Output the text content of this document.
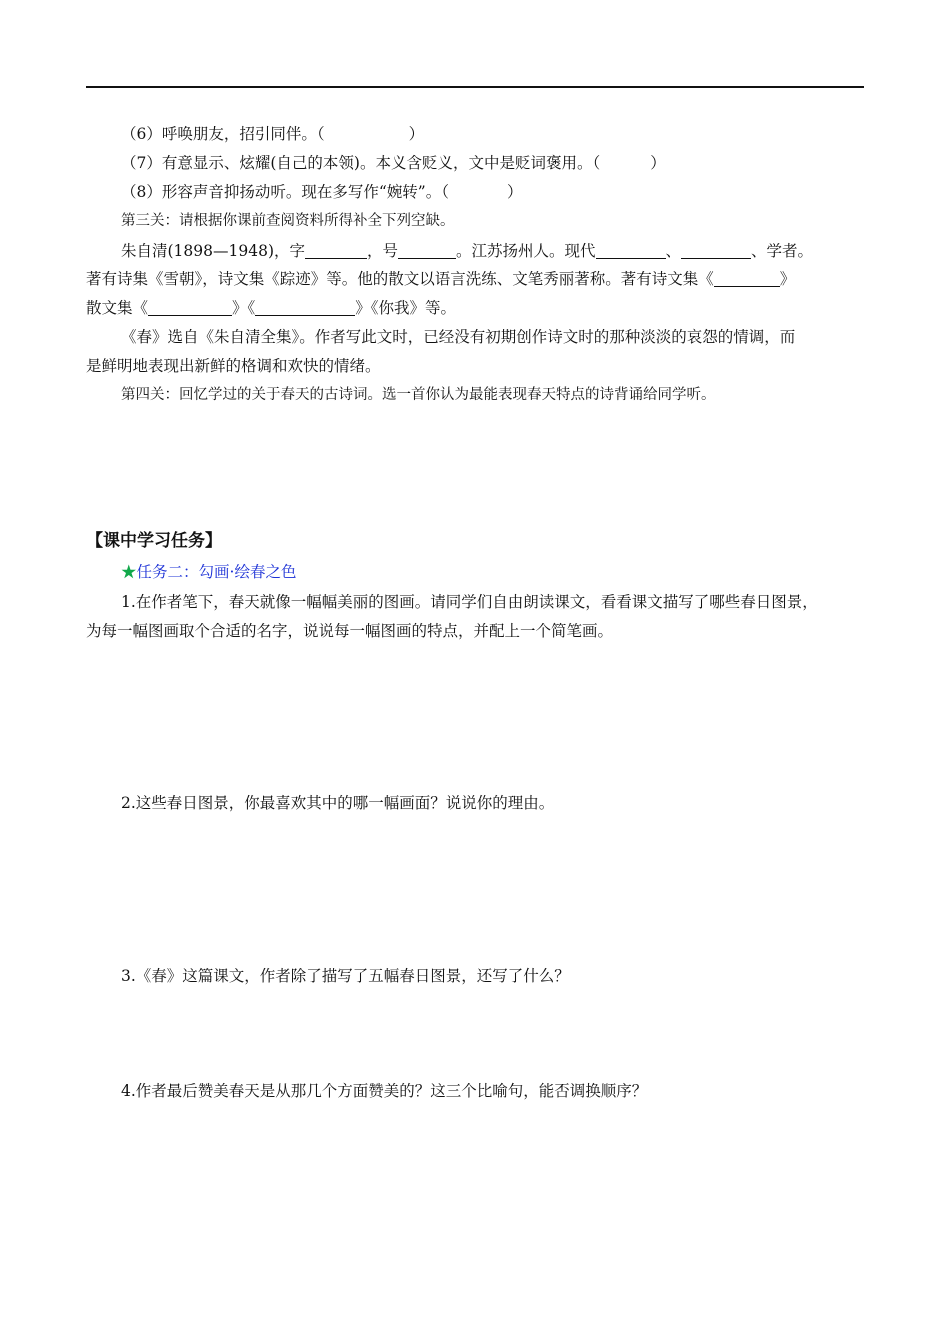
（6）呼唤朋友，招引同伴。（	）
（7）有意显示、炫耀(自己的本领)。本义含贬义，文中是贬词褒用。（	）
（8）形容声音抑扬动听。现在多写作“婉转”。（	）
第三关：请根据你课前查阅资料所得补全下列空缺。
朱自清(1898—1948)，字	，号	。江苏扬州人。现代	、	、学者。
著有诗集《雪朝》，诗文集《踪迹》等。他的散文以语言洗练、文笔秀丽著称。著有诗文集《	》
散文集《	》《	》《你我》等。
《春》选自《朱自清全集》。作者写此文时，已经没有初期创作诗文时的那种淡淡的哀怨的情调，而
是鲜明地表现出新鲜的格调和欢快的情绪。
第四关：回忆学过的关于春天的古诗词。选一首你认为最能表现春天特点的诗背诵给同学听。
【课中学习任务】
★任务二：勾画·绘春之色
1.在作者笔下，春天就像一幅幅美丽的图画。请同学们自由朗读课文，看看课文描写了哪些春日图景，
为每一幅图画取个合适的名字，说说每一幅图画的特点，并配上一个简笔画。
2.这些春日图景，你最喜欢其中的哪一幅画面？说说你的理由。
3.《春》这篇课文，作者除了描写了五幅春日图景，还写了什么？
4.作者最后赞美春天是从那几个方面赞美的？这三个比喻句，能否调换顺序？
